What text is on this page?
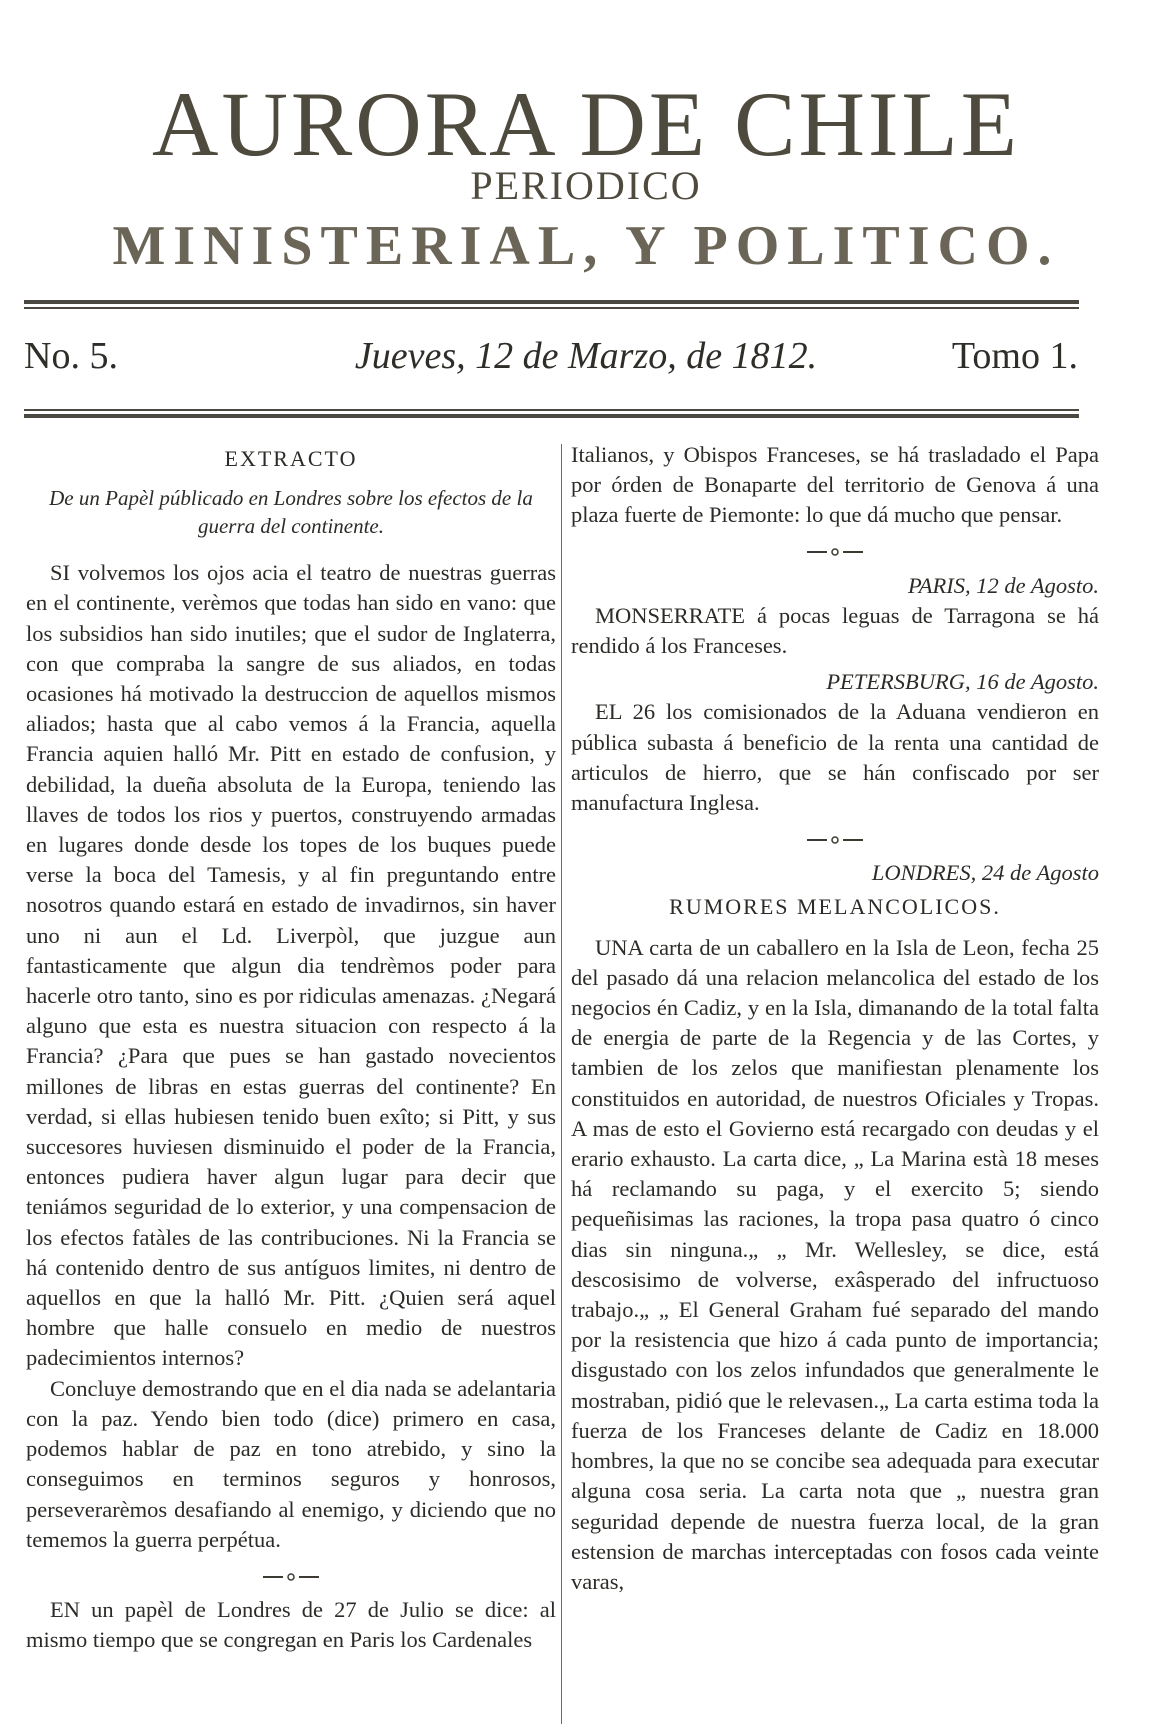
AURORA DE CHILE
PERIODICO
MINISTERIAL, Y POLITICO.
Jueves, 12 de Marzo, de 1812.
No. 5.	Tomo 1.

EXTRACTO

De un Papèl públicado en Londres sobre los efectos de la guerra del continente.

SI volvemos los ojos acia el teatro de nuestras guerras en el continente, verèmos que todas han sido en vano: que los subsidios han sido inutiles; que el sudor de Inglaterra, con que compraba la sangre de sus aliados, en todas ocasiones há motivado la destruccion de aquellos mismos aliados; hasta que al cabo vemos á la Francia, aquella Francia aquien halló Mr. Pitt en estado de confusion, y debilidad, la dueña absoluta de la Europa, teniendo las llaves de todos los rios y puertos, construyendo armadas en lugares donde desde los topes de los buques puede verse la boca del Tamesis, y al fin preguntando entre nosotros quando estará en estado de invadirnos, sin haver uno ni aun el Ld. Liverpòl, que juzgue aun fantasticamente que algun dia tendrèmos poder para hacerle otro tanto, sino es por ridiculas amenazas. ¿Negará alguno que esta es nuestra situacion con respecto á la Francia? ¿Para que pues se han gastado novecientos millones de libras en estas guerras del continente? En verdad, si ellas hubiesen tenido buen exîto; si Pitt, y sus succesores huviesen disminuido el poder de la Francia, entonces pudiera haver algun lugar para decir que teniámos seguridad de lo exterior, y una compensacion de los efectos fatàles de las contribuciones. Ni la Francia se há contenido dentro de sus antíguos limites, ni dentro de aquellos en que la halló Mr. Pitt. ¿Quien será aquel hombre que halle consuelo en medio de nuestros padecimientos internos?

Concluye demostrando que en el dia nada se adelantaria con la paz. Yendo bien todo (dice) primero en casa, podemos hablar de paz en tono atrebido, y sino la conseguimos en terminos seguros y honrosos, perseverarèmos desafiando al enemigo, y diciendo que no tememos la guerra perpétua.

EN un papèl de Londres de 27 de Julio se dice: al mismo tiempo que se congregan en Paris los Cardenales

Italianos, y Obispos Franceses, se há trasladado el Papa por órden de Bonaparte del territorio de Genova á una plaza fuerte de Piemonte: lo que dá mucho que pensar.

PARIS, 12 de Agosto.

MONSERRATE á pocas leguas de Tarragona se há rendido á los Franceses.

PETERSBURG, 16 de Agosto.

EL 26 los comisionados de la Aduana vendieron en pública subasta á beneficio de la renta una cantidad de articulos de hierro, que se hán confiscado por ser manufactura Inglesa.

LONDRES, 24 de Agosto

RUMORES MELANCOLICOS.

UNA carta de un caballero en la Isla de Leon, fecha 25 del pasado dá una relacion melancolica del estado de los negocios én Cadiz, y en la Isla, dimanando de la total falta de energia de parte de la Regencia y de las Cortes, y tambien de los zelos que manifiestan plenamente los constituidos en autoridad, de nuestros Oficiales y Tropas. A mas de esto el Govierno está recargado con deudas y el erario exhausto. La carta dice, „ La Marina està 18 meses há reclamando su paga, y el exercito 5; siendo pequeñisimas las raciones, la tropa pasa quatro ó cinco dias sin ninguna.„ „ Mr. Wellesley, se dice, está descosisimo de volverse, exâsperado del infructuoso trabajo.„ „ El General Graham fué separado del mando por la resistencia que hizo á cada punto de importancia; disgustado con los zelos infundados que generalmente le mostraban, pidió que le relevasen.„ La carta estima toda la fuerza de los Franceses delante de Cadiz en 18.000 hombres, la que no se concibe sea adequada para executar alguna cosa seria. La carta nota que „ nuestra gran seguridad depende de nuestra fuerza local, de la gran estension de marchas interceptadas con fosos cada veinte varas,
